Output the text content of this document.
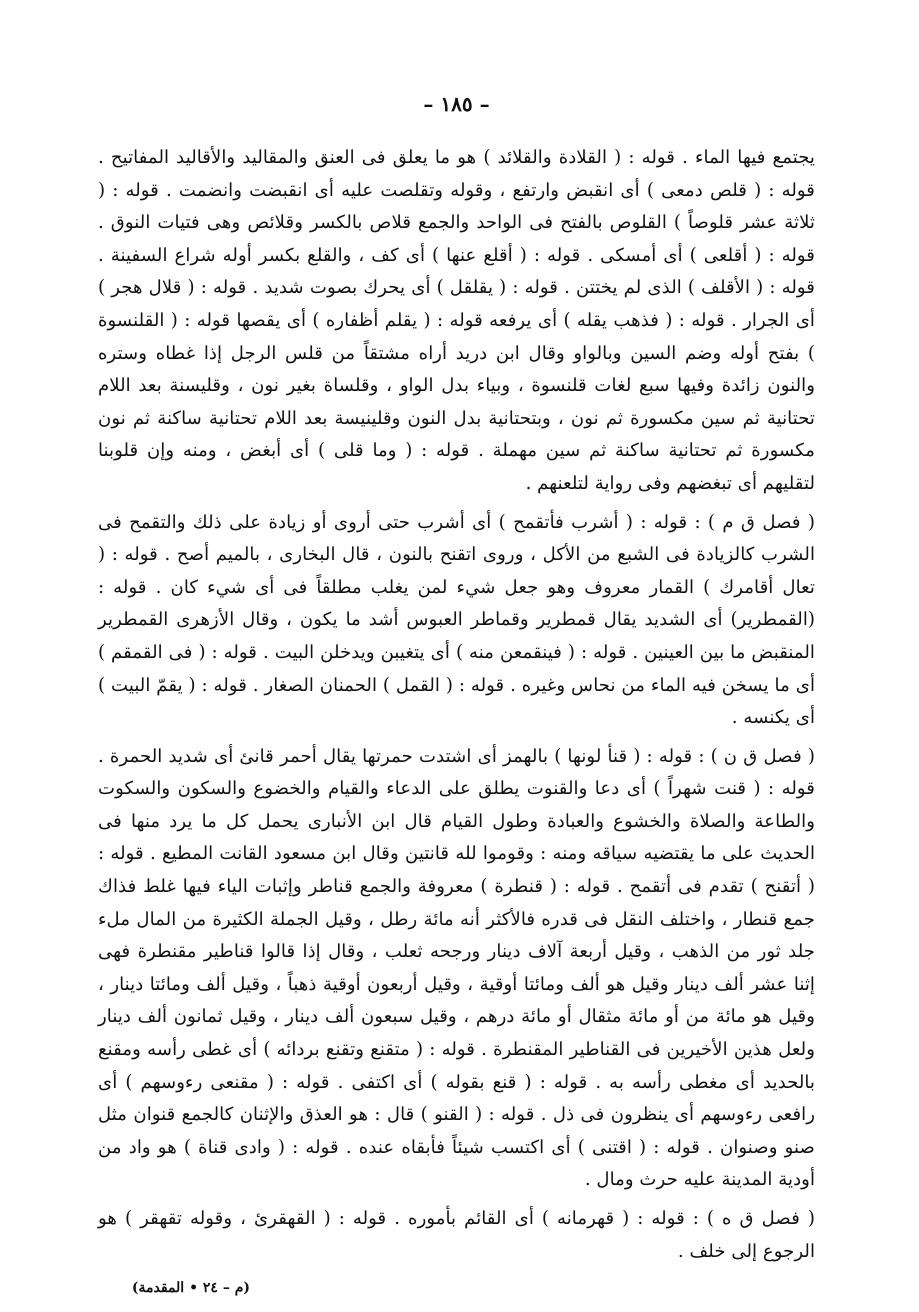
– ١٨٥ –

يجتمع فيها الماء . قوله : ( القلادة والقلائد ) هو ما يعلق فى العنق والمقاليد والأقاليد المفاتيح . قوله : ( قلص دمعى ) أى انقبض وارتفع ، وقوله وتقلصت عليه أى انقبضت وانضمت . قوله : ( ثلاثة عشر قلوصاً ) القلوص بالفتح فى الواحد والجمع قلاص بالكسر وقلائص وهى فتيات النوق . قوله : ( أقلعى ) أى أمسكى . قوله : ( أقلع عنها ) أى كف ، والقلع بكسر أوله شراع السفينة . قوله : ( الأقلف ) الذى لم يختتن . قوله : ( يقلقل ) أى يحرك بصوت شديد . قوله : ( قلال هجر ) أى الجرار . قوله : ( فذهب يقله ) أى يرفعه قوله : ( يقلم أظفاره ) أى يقصها قوله : ( القلنسوة ) بفتح أوله وضم السين وبالواو وقال ابن دريد أراه مشتقاً من قلس الرجل إذا غطاه وستره والنون زائدة وفيها سبع لغات قلنسوة ، وبياء بدل الواو ، وقلساة بغير نون ، وقليسنة بعد اللام تحتانية ثم سين مكسورة ثم نون ، وبتحتانية بدل النون وقلينيسة بعد اللام تحتانية ساكنة ثم نون مكسورة ثم تحتانية ساكنة ثم سين مهملة . قوله : ( وما قلى ) أى أبغض ، ومنه وإن قلوبنا لتقليهم أى تبغضهم وفى رواية لتلعنهم .

( فصل ق م ) : قوله : ( أشرب فأتقمح ) أى أشرب حتى أروى أو زيادة على ذلك والتقمح فى الشرب كالزيادة فى الشبع من الأكل ، وروى اتقنح بالنون ، قال البخارى ، بالميم أصح . قوله : ( تعال أقامرك ) القمار معروف وهو جعل شيء لمن يغلب مطلقاً فى أى شيء كان . قوله : (القمطرير) أى الشديد يقال قمطرير وقماطر العبوس أشد ما يكون ، وقال الأزهرى القمطرير المنقبض ما بين العينين . قوله : ( فينقمعن منه ) أى يتغيبن ويدخلن البيت . قوله : ( فى القمقم ) أى ما يسخن فيه الماء من نحاس وغيره . قوله : ( القمل ) الحمنان الصغار . قوله : ( يقمّ البيت ) أى يكنسه .

( فصل ق ن ) : قوله : ( قنأ لونها ) بالهمز أى اشتدت حمرتها يقال أحمر قانئ أى شديد الحمرة . قوله : ( قنت شهراً ) أى دعا والقنوت يطلق على الدعاء والقيام والخضوع والسكون والسكوت والطاعة والصلاة والخشوع والعبادة وطول القيام قال ابن الأنبارى يحمل كل ما يرد منها فى الحديث على ما يقتضيه سياقه ومنه : وقوموا لله قانتين وقال ابن مسعود القانت المطيع . قوله : ( أتقنح ) تقدم فى أتقمح . قوله : ( قنطرة ) معروفة والجمع قناطر وإثبات الياء فيها غلط فذاك جمع قنطار ، واختلف النقل فى قدره فالأكثر أنه مائة رطل ، وقيل الجملة الكثيرة من المال ملء جلد ثور من الذهب ، وقيل أربعة آلاف دينار ورجحه ثعلب ، وقال إذا قالوا قناطير مقنطرة فهى إثنا عشر ألف دينار وقيل هو ألف ومائتا أوقية ، وقيل أربعون أوقية ذهباً ، وقيل ألف ومائتا دينار ، وقيل هو مائة من أو مائة مثقال أو مائة درهم ، وقيل سبعون ألف دينار ، وقيل ثمانون ألف دينار ولعل هذين الأخيرين فى القناطير المقنطرة . قوله : ( متقنع وتقنع بردائه ) أى غطى رأسه ومقنع بالحديد أى مغطى رأسه به . قوله : ( قنع بقوله ) أى اكتفى . قوله : ( مقنعى رءوسهم ) أى رافعى رءوسهم أى ينظرون فى ذل . قوله : ( القنو ) قال : هو العذق والإثنان كالجمع قنوان مثل صنو وصنوان . قوله : ( اقتنى ) أى اكتسب شيئاً فأبقاه عنده . قوله : ( وادى قناة ) هو واد من أودية المدينة عليه حرث ومال .

( فصل ق ه ) : قوله : ( قهرمانه ) أى القائم بأموره . قوله : ( القهقرئ ، وقوله تقهقر ) هو الرجوع إلى خلف .

(م – ٢٤ • المقدمة)
